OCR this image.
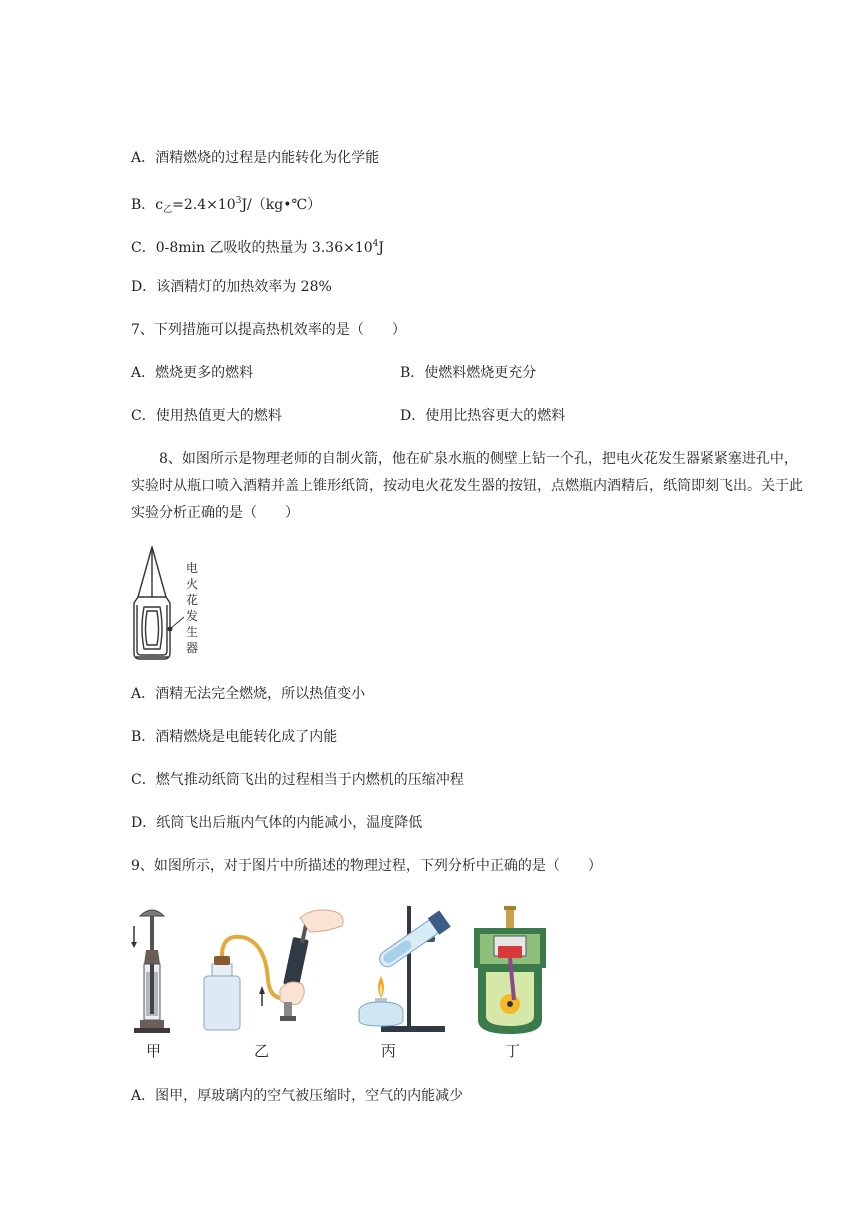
A．酒精燃烧的过程是内能转化为化学能
B．$c_乙=2.4\times 10^3J/(kg•℃)$
C．0-8min 乙吸收的热量为 $3.36\times 10^4J$
D．该酒精灯的加热效率为 28%
7、下列措施可以提高热机效率的是（　　）
A．燃烧更多的燃料	B．使燃料燃烧更充分
C．使用热值更大的燃料	D．使用比热容更大的燃料
8、如图所示是物理老师的自制火箭，他在矿泉水瓶的侧壁上钻一个孔，把电火花发生器紧紧塞进孔中，实验时从瓶口喷入酒精并盖上锥形纸筒，按动电火花发生器的按钮，点燃瓶内酒精后，纸筒即刻飞出。关于此实验分析正确的是（　　）
电
火
花
发
生
器
A．酒精无法完全燃烧，所以热值变小
B．酒精燃烧是电能转化成了内能
C．燃气推动纸筒飞出的过程相当于内燃机的压缩冲程
D．纸筒飞出后瓶内气体的内能减小，温度降低
9、如图所示，对于图片中所描述的物理过程，下列分析中正确的是（　　）
甲	乙	丙	丁
A．图甲，厚玻璃内的空气被压缩时，空气的内能减少
